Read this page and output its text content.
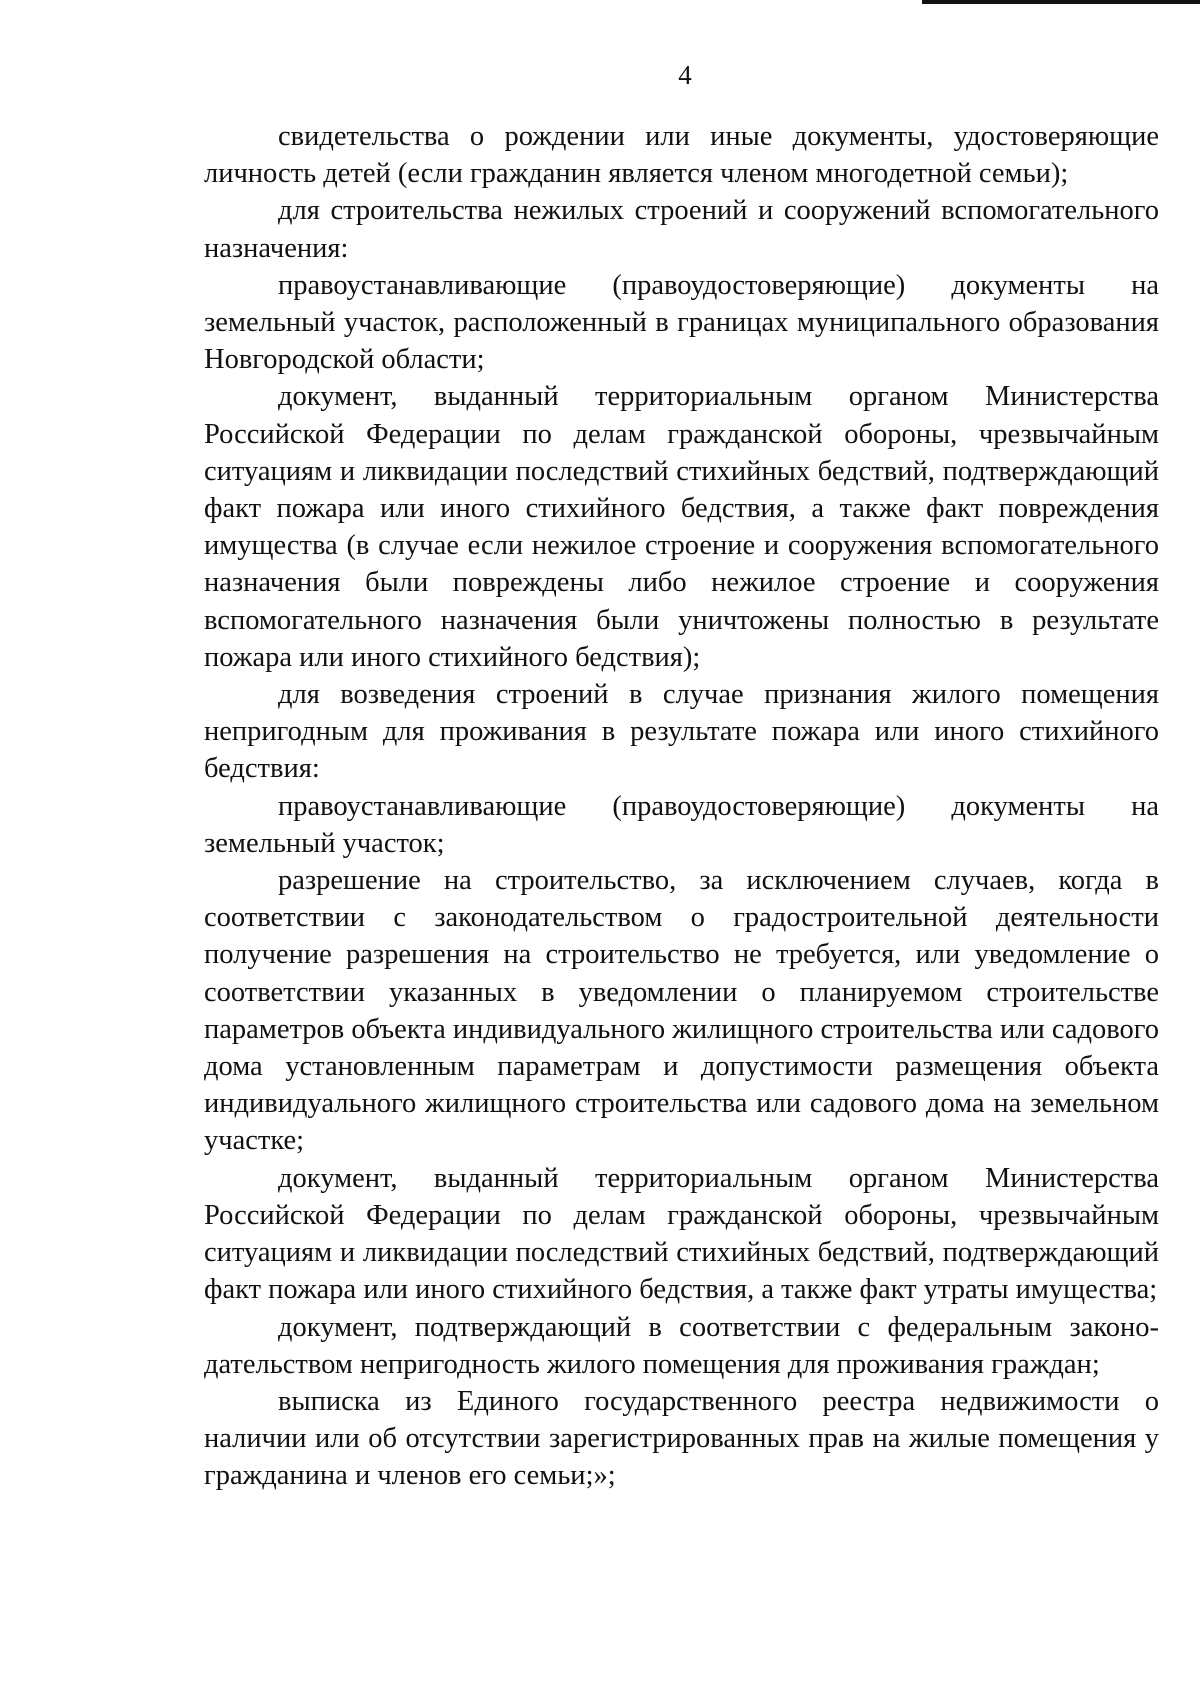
4

свидетельства о рождении или иные документы, удостоверяющие личность детей (если гражданин является членом многодетной семьи);

для строительства нежилых строений и сооружений вспомогательного назначения:

правоустанавливающие (правоудостоверяющие) документы на земельный участок, расположенный в границах муниципального образования Новгородской области;

документ, выданный территориальным органом Министерства Российской Федерации по делам гражданской обороны, чрезвычайным ситуациям и ликвидации последствий стихийных бедствий, подтверждающий факт пожара или иного стихийного бедствия, а также факт повреждения имущества (в случае если нежилое строение и сооружения вспомогательного назначения были повреждены либо нежилое строение и сооружения вспомогательного назначения были уничтожены полностью в результате пожара или иного стихийного бедствия);

для возведения строений в случае признания жилого помещения непригодным для проживания в результате пожара или иного стихийного бедствия:

правоустанавливающие (правоудостоверяющие) документы на земельный участок;

разрешение на строительство, за исключением случаев, когда в соответствии с законодательством о градостроительной деятельности получение разрешения на строительство не требуется, или уведомление о соответствии указанных в уведомлении о планируемом строительстве параметров объекта индивидуального жилищного строительства или садового дома установленным параметрам и допустимости размещения объекта индивидуального жилищного строительства или садового дома на земельном участке;

документ, выданный территориальным органом Министерства Российской Федерации по делам гражданской обороны, чрезвычайным ситуациям и ликвидации последствий стихийных бедствий, подтверждающий факт пожара или иного стихийного бедствия, а также факт утраты имущества;

документ, подтверждающий в соответствии с федеральным законодательством непригодность жилого помещения для проживания граждан;

выписка из Единого государственного реестра недвижимости о наличии или об отсутствии зарегистрированных прав на жилые помещения у гражданина и членов его семьи;»;
